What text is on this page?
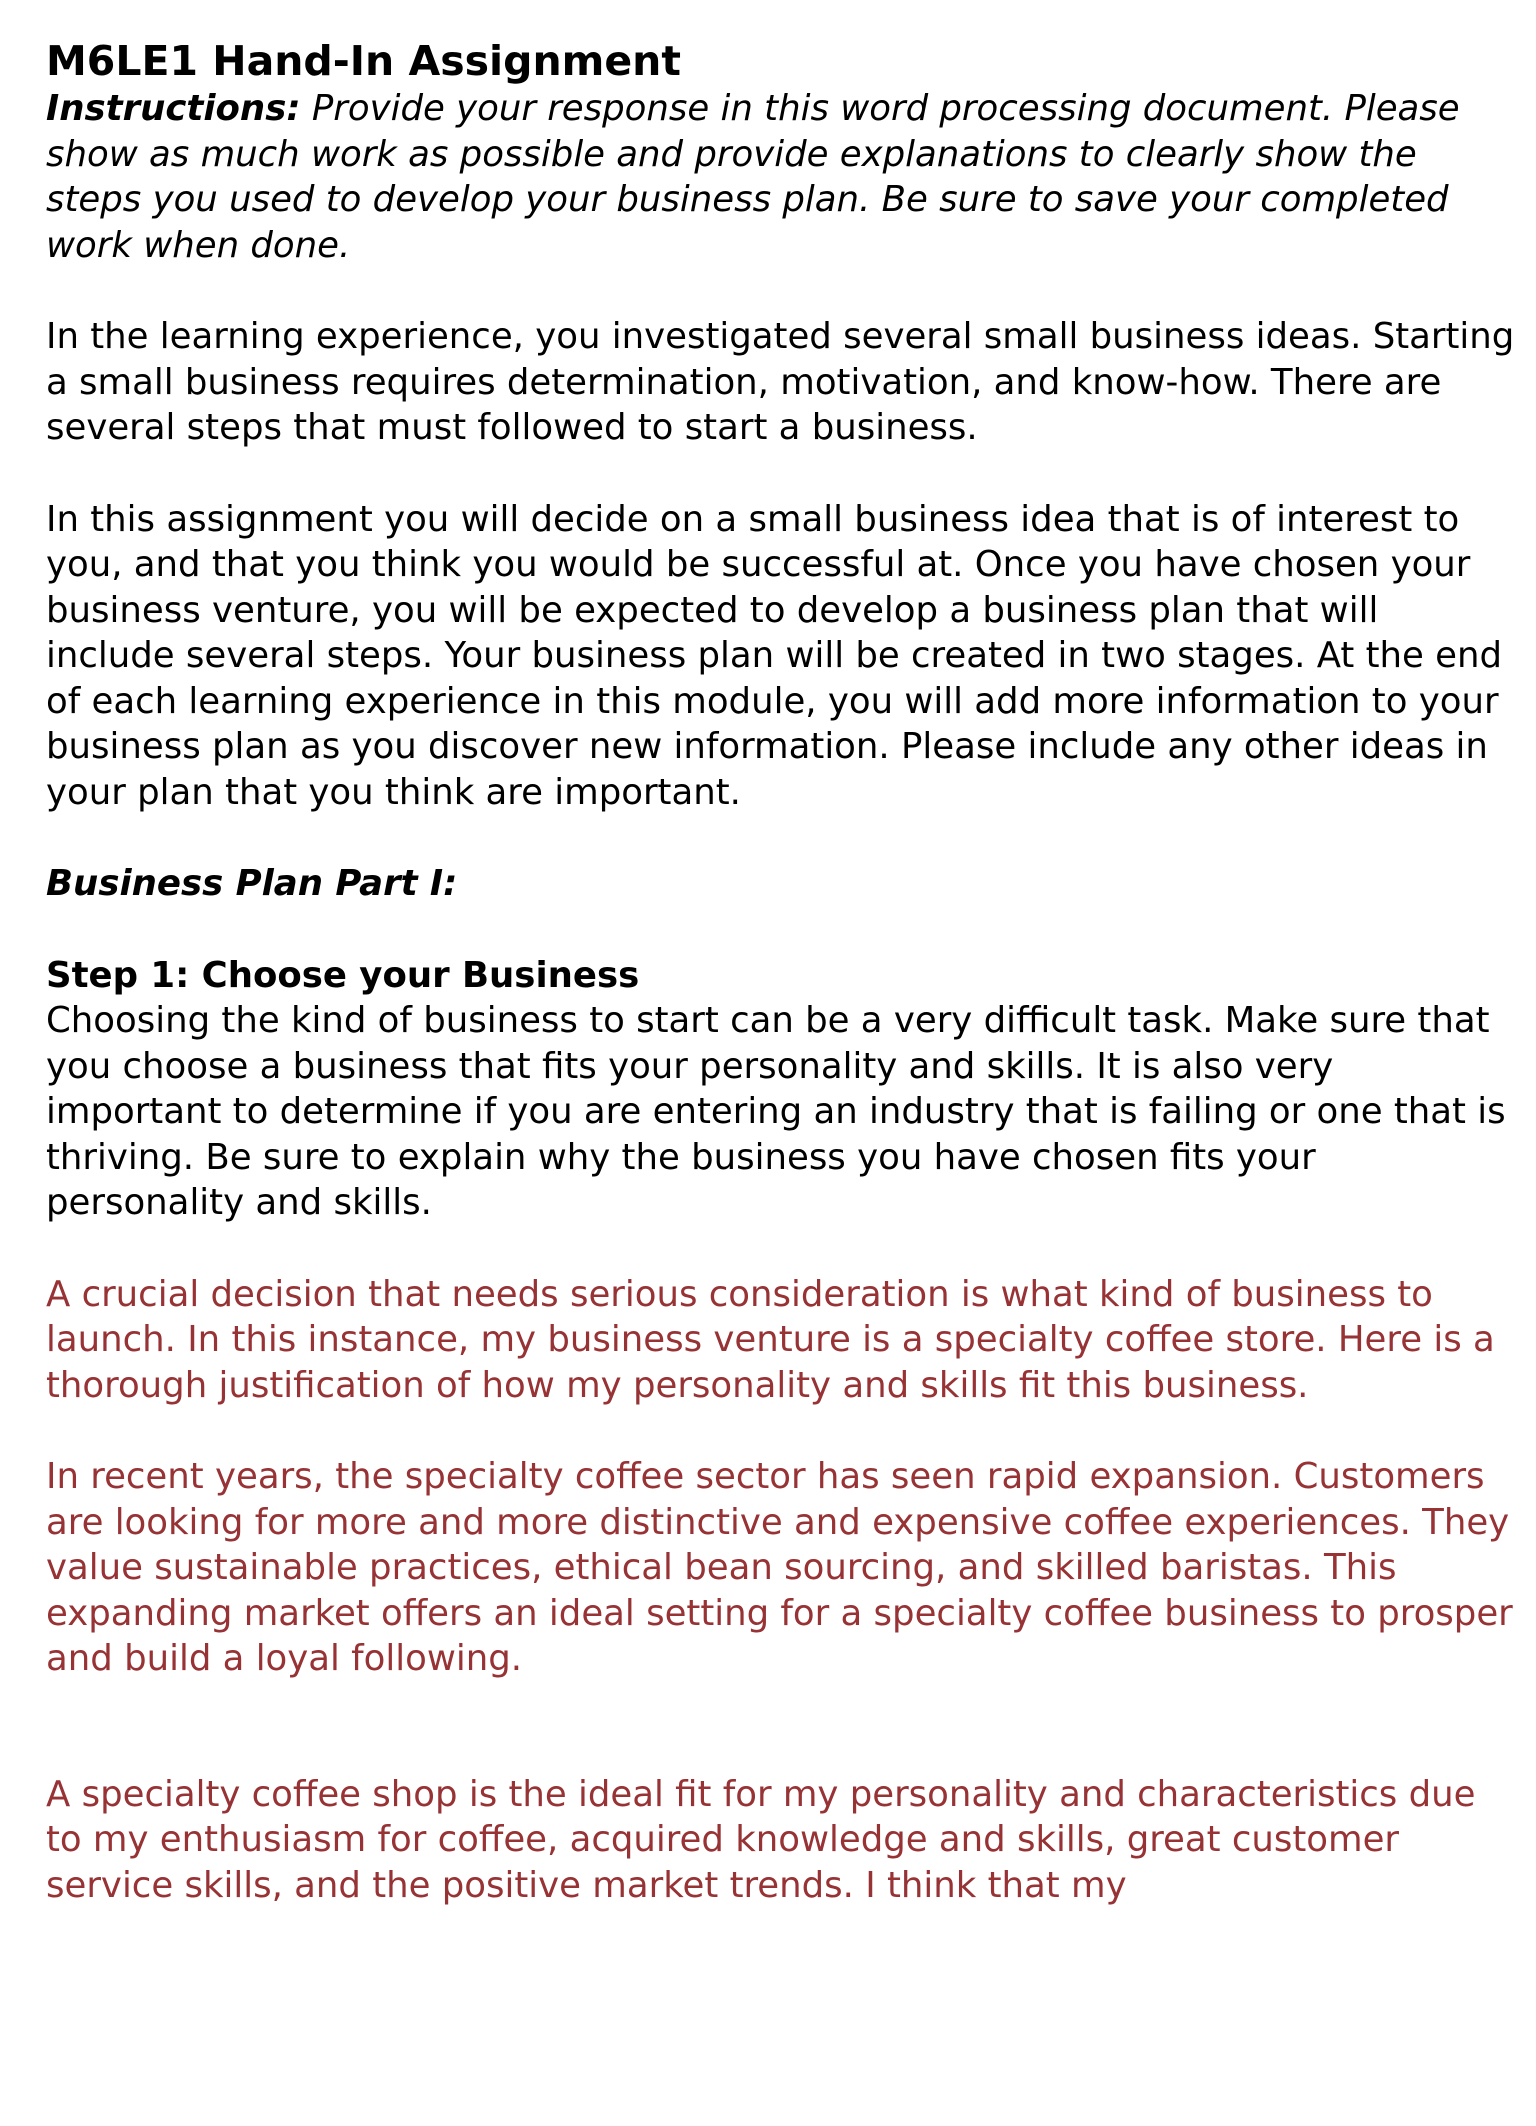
M6LE1 Hand-In Assignment

Instructions: Provide your response in this word processing document. Please show as much work as possible and provide explanations to clearly show the steps you used to develop your business plan. Be sure to save your completed work when done.

In the learning experience, you investigated several small business ideas. Starting a small business requires determination, motivation, and know-how. There are several steps that must followed to start a business.

In this assignment you will decide on a small business idea that is of interest to you, and that you think you would be successful at. Once you have chosen your business venture, you will be expected to develop a business plan that will include several steps. Your business plan will be created in two stages. At the end of each learning experience in this module, you will add more information to your business plan as you discover new information. Please include any other ideas in your plan that you think are important.

Business Plan Part I:

Step 1: Choose your Business

Choosing the kind of business to start can be a very difficult task. Make sure that you choose a business that fits your personality and skills. It is also very important to determine if you are entering an industry that is failing or one that is thriving. Be sure to explain why the business you have chosen fits your personality and skills.

A crucial decision that needs serious consideration is what kind of business to launch. In this instance, my business venture is a specialty coffee store. Here is a thorough justification of how my personality and skills fit this business.

In recent years, the specialty coffee sector has seen rapid expansion. Customers are looking for more and more distinctive and expensive coffee experiences. They value sustainable practices, ethical bean sourcing, and skilled baristas. This expanding market offers an ideal setting for a specialty coffee business to prosper and build a loyal following.

A specialty coffee shop is the ideal fit for my personality and characteristics due to my enthusiasm for coffee, acquired knowledge and skills, great customer service skills, and the positive market trends. I think that my
